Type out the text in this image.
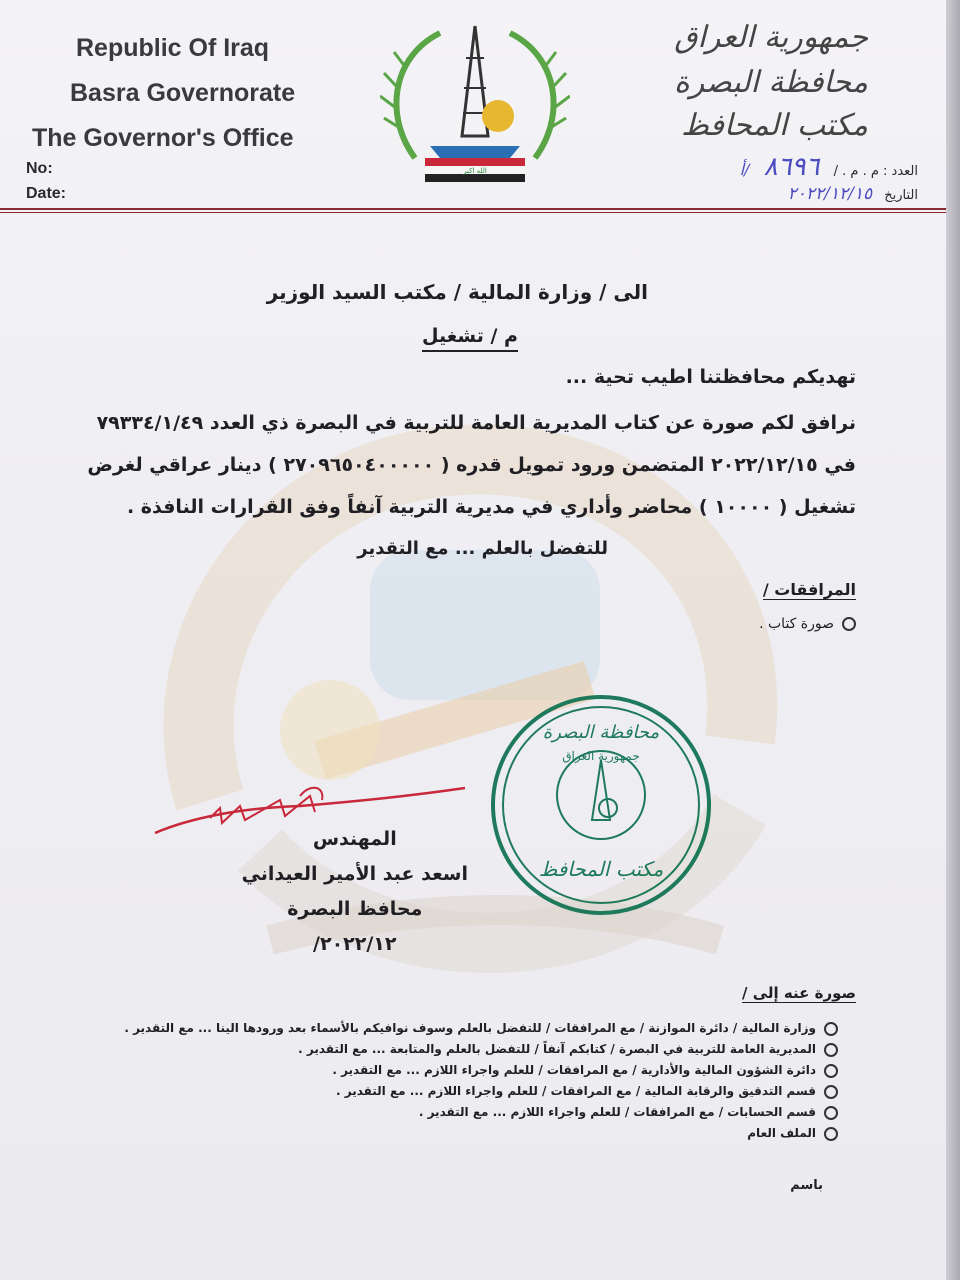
Republic Of Iraq
Basra Governorate
The Governor's Office
No:
Date:
الله اكبر
جمهورية العراق
محافظة البصرة
مكتب المحافظ
العدد : م . م . / ٨٦٩٦ /أ
التاريخ ٢٠٢٢/١٢/١٥
الى / وزارة المالية / مكتب السيد الوزير
م / تشغيل
تهديكم محافظتنا اطيب تحية ...
نرافق لكم صورة عن كتاب المديرية العامة للتربية في البصرة ذي العدد ٧٩٣٣٤/١/٤٩
في ٢٠٢٢/١٢/١٥ المتضمن ورود تمويل قدره ( ٢٧٠٩٦٥٠٤٠٠٠٠٠ ) دينار عراقي لغرض
تشغيل ( ١٠٠٠٠ ) محاضر وأداري في مديرية التربية آنفاً وفق القرارات النافذة .
للتفضل بالعلم ... مع التقدير
المرافقات /
صورة كتاب .
محافظة البصرة
جمهورية العراق
مكتب المحافظ
المهندس
اسعد عبد الأمير العيداني
محافظ البصرة
٢٠٢٢/١٢/
صورة عنه إلى /
وزارة المالية / دائرة الموازنة / مع المرافقات / للتفضل بالعلم وسوف نوافيكم بالأسماء بعد ورودها الينا ... مع التقدير .
المديرية العامة للتربية في البصرة / كتابكم آنفاً / للتفضل بالعلم والمتابعة ... مع التقدير .
دائرة الشؤون المالية والأدارية / مع المرافقات / للعلم واجراء اللازم ... مع التقدير .
قسم التدقيق والرقابة المالية / مع المرافقات / للعلم واجراء اللازم ... مع التقدير .
قسم الحسابات / مع المرافقات / للعلم واجراء اللازم ... مع التقدير .
الملف العام
باسم
